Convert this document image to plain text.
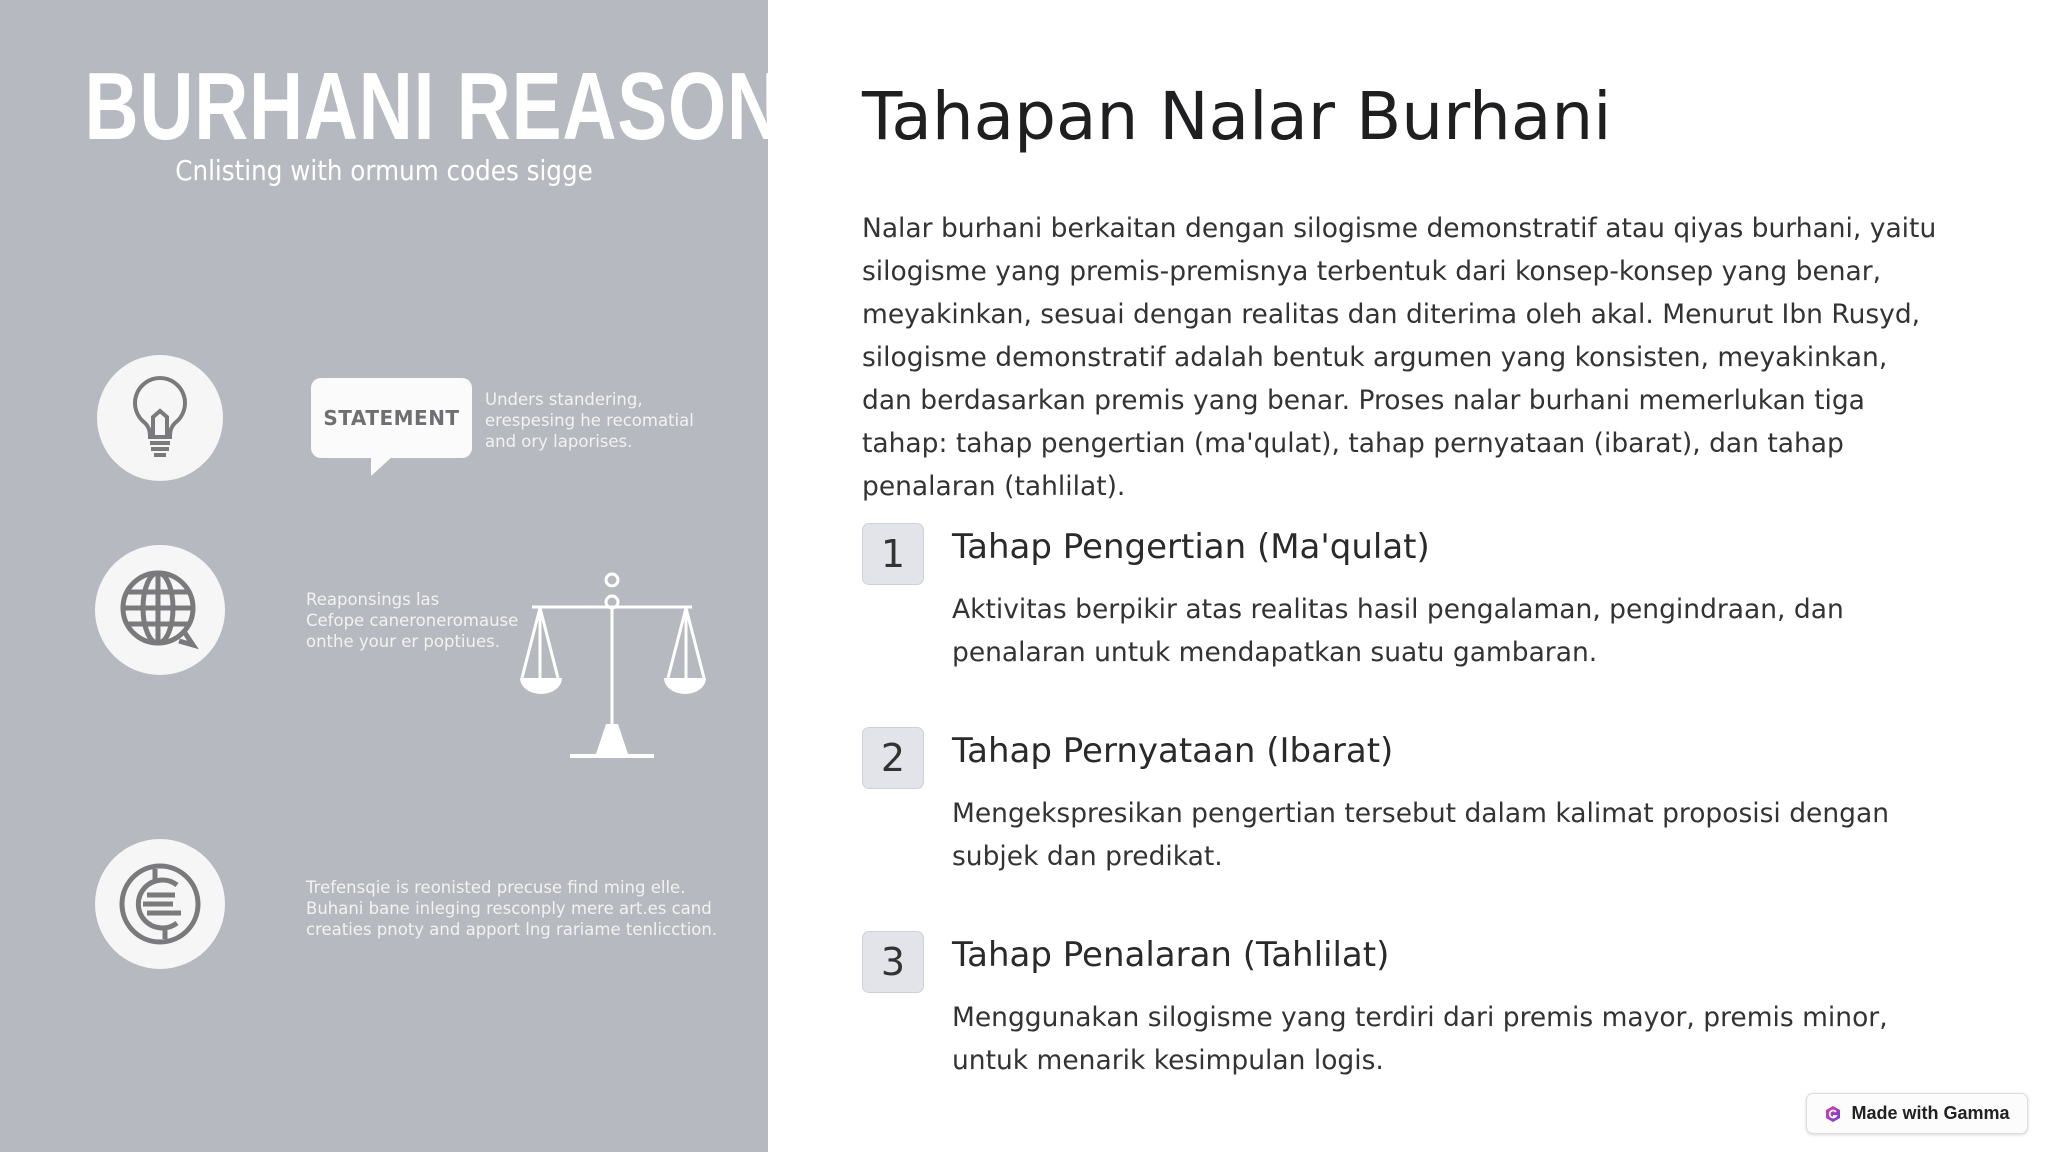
BURHANI REASONSNG
Cnlisting with ormum codes sigge
STATEMENT
Unders standering,
erespesing he recomatial
and ory laporises.
Reaponsings las
Cefope caneroneromause
onthe your er poptiues.
Trefensqie is reonisted precuse find ming elle.
Buhani bane inleging resconply mere art.es cand
creaties pnoty and apport lng rariame tenlicction.
Tahapan Nalar Burhani

Nalar burhani berkaitan dengan silogisme demonstratif atau qiyas burhani, yaitu silogisme yang premis-premisnya terbentuk dari konsep-konsep yang benar, meyakinkan, sesuai dengan realitas dan diterima oleh akal. Menurut Ibn Rusyd, silogisme demonstratif adalah bentuk argumen yang konsisten, meyakinkan, dan berdasarkan premis yang benar. Proses nalar burhani memerlukan tiga tahap: tahap pengertian (ma'qulat), tahap pernyataan (ibarat), dan tahap penalaran (tahlilat).

1	Tahap Pengertian (Ma'qulat)
Aktivitas berpikir atas realitas hasil pengalaman, pengindraan, dan penalaran untuk mendapatkan suatu gambaran.
2	Tahap Pernyataan (Ibarat)
Mengekspresikan pengertian tersebut dalam kalimat proposisi dengan subjek dan predikat.
3	Tahap Penalaran (Tahlilat)
Menggunakan silogisme yang terdiri dari premis mayor, premis minor, untuk menarik kesimpulan logis.
Made with Gamma
